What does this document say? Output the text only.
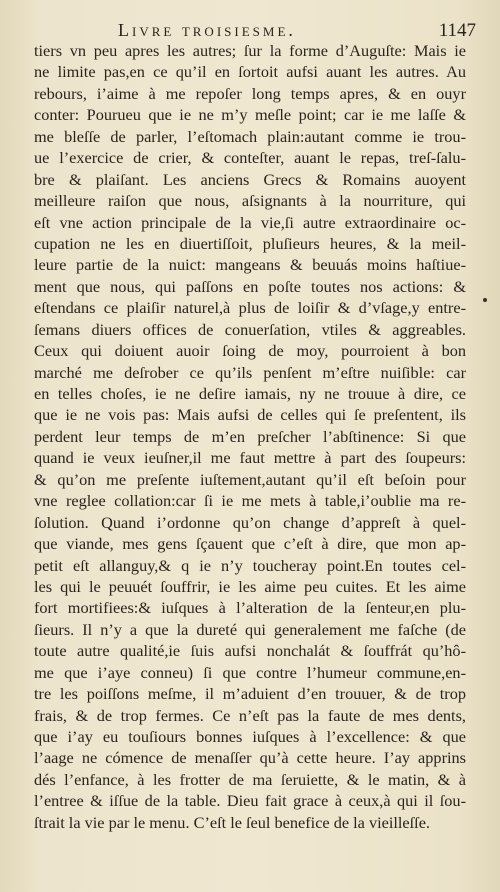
Livre troisiesme.	1147
tiers vn peu apres les autres; ſur la forme d’Auguſte: Mais ie
ne limite pas,en ce qu’il en ſortoit aufsi auant les autres. Au
rebours, i’aime à me repoſer long temps apres, & en ouyr
conter: Pourueu que ie ne m’y meſle point; car ie me laſſe &
me bleſſe de parler, l’eſtomach plain:autant comme ie trou-
ue l’exercice de crier, & conteſter, auant le repas, treſ-ſalu-
bre & plaiſant. Les anciens Grecs & Romains auoyent
meilleure raiſon que nous, aſsignants à la nourriture, qui
eſt vne action principale de la vie,ſi autre extraordinaire oc-
cupation ne les en diuertiſſoit, pluſieurs heures, & la meil-
leure partie de la nuict: mangeans & beuuás moins haſtiue-
ment que nous, qui paſſons en poſte toutes nos actions: &
eſtendans ce plaiſir naturel,à plus de loiſir & d’vſage,y entre-
ſemans diuers offices de conuerſation, vtiles & aggreables.
Ceux qui doiuent auoir ſoing de moy, pourroient à bon
marché me deſrober ce qu’ils penſent m’eſtre nuiſible: car
en telles choſes, ie ne deſire iamais, ny ne trouue à dire, ce
que ie ne vois pas: Mais aufsi de celles qui ſe preſentent, ils
perdent leur temps de m’en preſcher l’abſtinence: Si que
quand ie veux ieuſner,il me faut mettre à part des ſoupeurs:
& qu’on me preſente iuſtement,autant qu’il eſt beſoin pour
vne reglee collation:car ſi ie me mets à table,i’oublie ma re-
ſolution. Quand i’ordonne qu’on change d’appreſt à quel-
que viande, mes gens ſçauent que c’eſt à dire, que mon ap-
petit eſt allanguy,& q ie n’y toucheray point.En toutes cel-
les qui le peuuét ſouffrir, ie les aime peu cuites. Et les aime
fort mortifiees:& iuſques à l’alteration de la ſenteur,en plu-
ſieurs. Il n’y a que la dureté qui generalement me faſche (de
toute autre qualité,ie ſuis aufsi nonchalát & ſouffrát qu’hô-
me que i’aye conneu) ſi que contre l’humeur commune,en-
tre les poiſſons meſme, il m’aduient d’en trouuer, & de trop
frais, & de trop fermes. Ce n’eſt pas la faute de mes dents,
que i’ay eu touſiours bonnes iuſques à l’excellence: & que
l’aage ne cómence de menaſſer qu’à cette heure. I’ay apprins
dés l’enfance, à les frotter de ma ſeruiette, & le matin, & à
l’entree & iſſue de la table. Dieu fait grace à ceux,à qui il ſou-
ſtrait la vie par le menu. C’eſt le ſeul benefice de la vieilleſſe.
